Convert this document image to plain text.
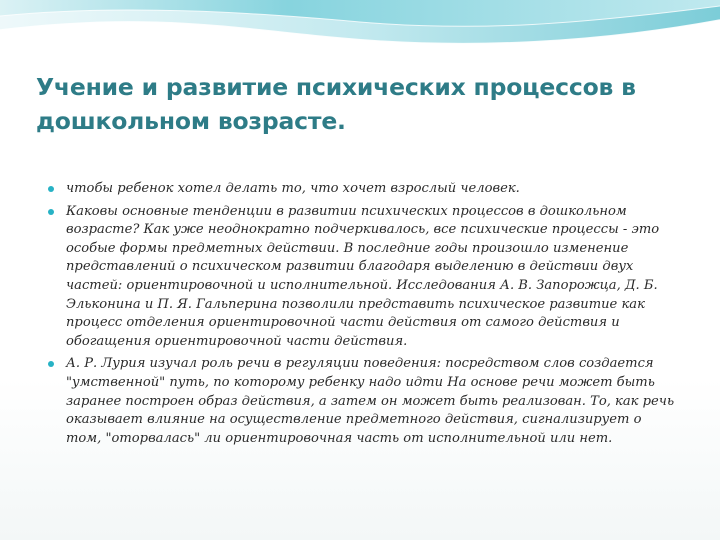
Учение и развитие психических процессов в дошкольном возрасте.
чтобы ребенок хотел делать то, что хочет взрослый человек.
Каковы основные тенденции в развитии психических процессов в дошкольном возрасте? Как уже неоднократно подчеркивалось, все психические процессы - это особые формы предметных действии. В последние годы произошло изменение представлений о психическом развитии благодаря выделению в действии двух частей: ориентировочной и исполнительной. Исследования А. В. Запорожца, Д. Б. Эльконина и П. Я. Гальперина позволили представить психическое развитие как процесс отделения ориентировочной части действия от самого действия и обогащения ориентировочной части действия.
А. Р. Лурия изучал роль речи в регуляции поведения: посредством слов создается "умственной" путь, по которому ребенку надо идти На основе речи может быть заранее построен образ действия, а затем он может быть реализован. То, как речь оказывает влияние на осуществление предметного действия, сигнализирует о том, "оторвалась" ли ориентировочная часть от исполнительной или нет.
